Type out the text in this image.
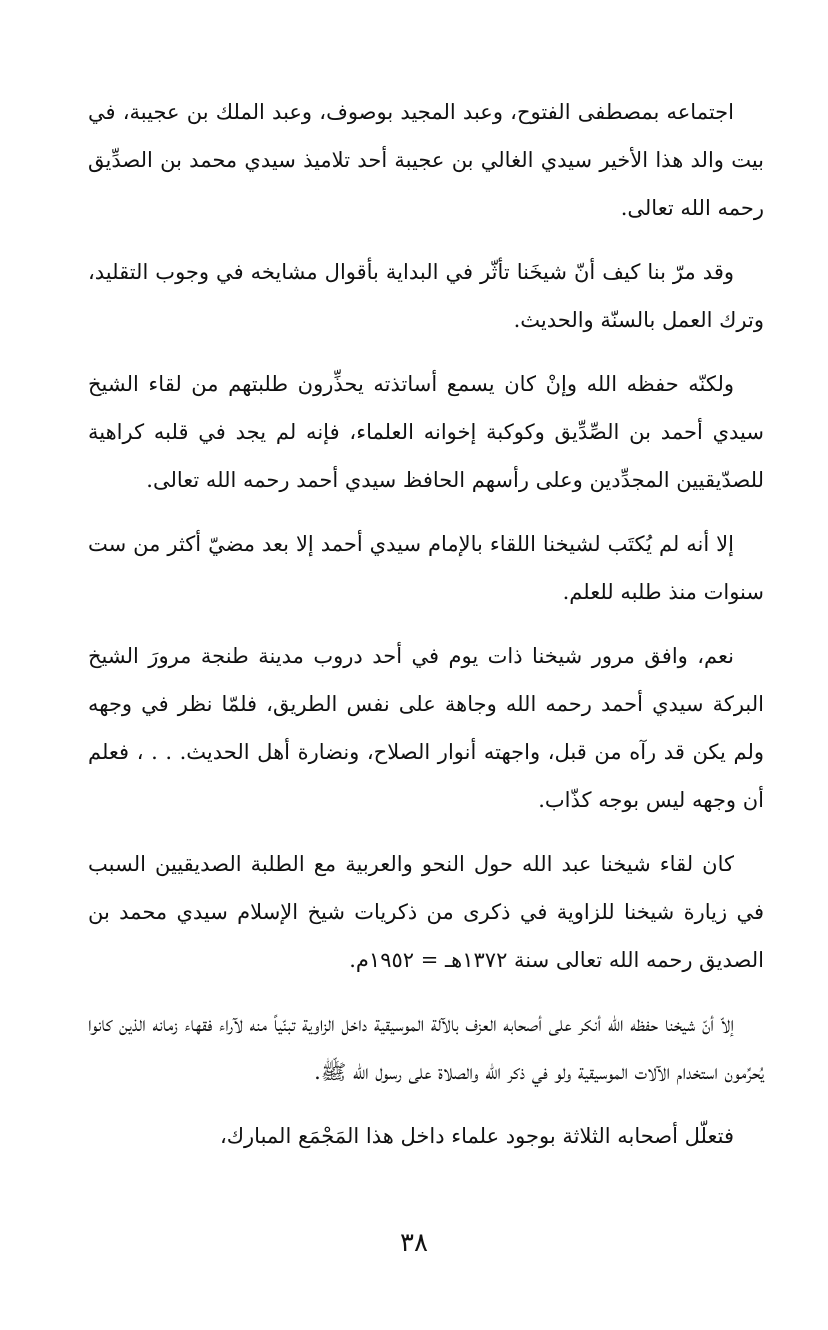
اجتماعه بمصطفى الفتوح، وعبد المجيد بوصوف، وعبد الملك بن عجيبة، في بيت والد هذا الأخير سيدي الغالي بن عجيبة أحد تلاميذ سيدي محمد بن الصدِّيق رحمه الله تعالى.

وقد مرّ بنا كيف أنّ شيخَنا تأثّر في البداية بأقوال مشايخه في وجوب التقليد، وترك العمل بالسنّة والحديث.

ولكنّه حفظه الله وإنْ كان يسمع أساتذته يحذِّرون طلبتهم من لقاء الشيخ سيدي أحمد بن الصِّدِّيق وكوكبة إخوانه العلماء، فإنه لم يجد في قلبه كراهية للصدّيقيين المجدِّدين وعلى رأسهم الحافظ سيدي أحمد رحمه الله تعالى.

إلا أنه لم يُكتَب لشيخنا اللقاء بالإمام سيدي أحمد إلا بعد مضيّ أكثر من ست سنوات منذ طلبه للعلم.

نعم، وافق مرور شيخنا ذات يوم في أحد دروب مدينة طنجة مرورَ الشيخ البركة سيدي أحمد رحمه الله وجاهة على نفس الطريق، فلمّا نظر في وجهه ولم يكن قد رآه من قبل، واجهته أنوار الصلاح، ونضارة أهل الحديث. . . ، فعلم أن وجهه ليس بوجه كذّاب.

كان لقاء شيخنا عبد الله حول النحو والعربية مع الطلبة الصديقيين السبب في زيارة شيخنا للزاوية في ذكرى من ذكريات شيخ الإسلام سيدي محمد بن الصديق رحمه الله تعالى سنة ١٣٧٢هـ = ١٩٥٢م.

إلاّ أنّ شيخنا حفظه الله أنكر على أصحابه العزف بالآلة الموسيقية داخل الزاوية تبنّياً منه لآراء فقهاء زمانه الذين كانوا يُحرِّمون استخدام الآلات الموسيقية ولو في ذكر الله والصلاة على رسول الله ﷺ.

فتعلّل أصحابه الثلاثة بوجود علماء داخل هذا المَجْمَع المبارك،

٣٨
